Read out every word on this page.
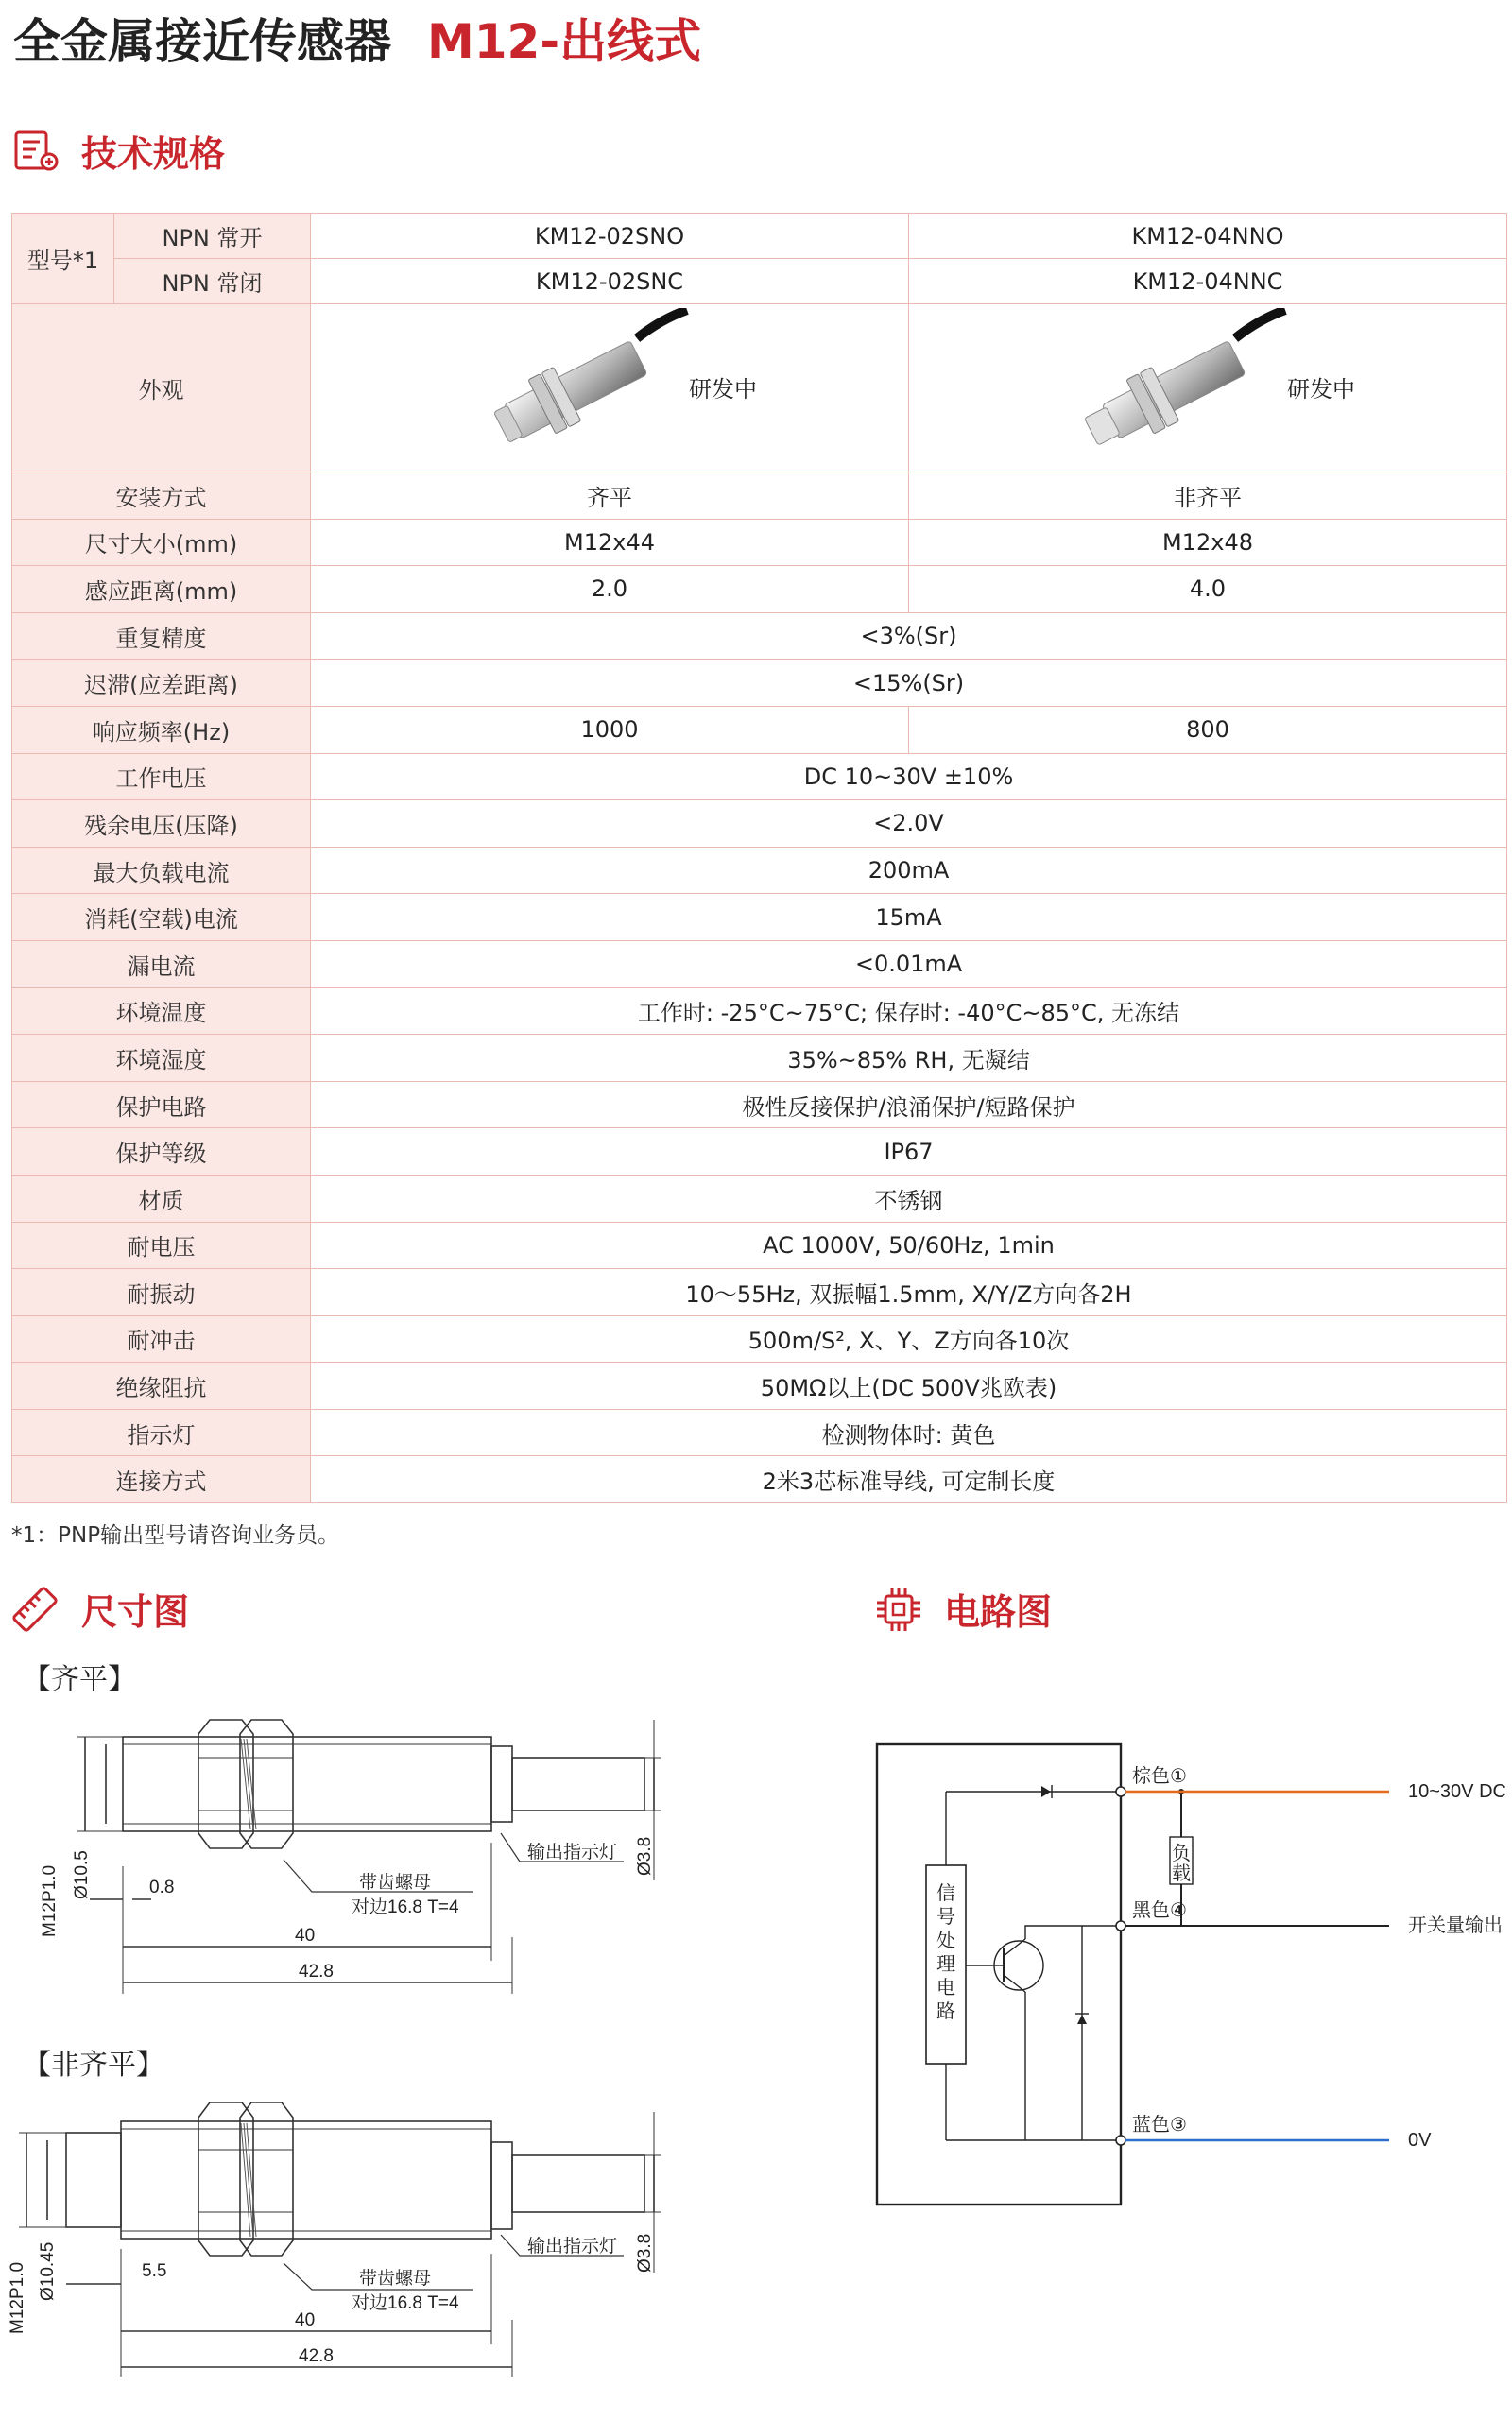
全金属接近传感器 M12-出线式
技术规格
型号*1	NPN 常开	KM12-02SNO	KM12-04NNO
	NPN 常闭	KM12-02SNC	KM12-04NNC
外观		研发中	研发中

安装方式		齐平	非齐平
尺寸大小(mm)		M12x44	M12x48
感应距离(mm)		2.0	4.0
重复精度		<3%(Sr)	
迟滞(应差距离)		<15%(Sr)	
响应频率(Hz)		1000	800
工作电压		DC 10~30V ±10%	
残余电压(压降)		<2.0V	
最大负载电流		200mA	
消耗(空载)电流		15mA	
漏电流		<0.01mA	
环境温度		工作时: -25°C~75°C; 保存时: -40°C~85°C, 无冻结	
环境湿度		35%~85% RH, 无凝结	
保护电路		极性反接保护/浪涌保护/短路保护	
保护等级		IP67	
材质		不锈钢	
耐电压		AC 1000V, 50/60Hz, 1min	
耐振动		10～55Hz, 双振幅1.5mm, X/Y/Z方向各2H	
耐冲击		500m/S², X、Y、Z方向各10次	
绝缘阻抗		50MΩ以上(DC 500V兆欧表)	
指示灯		检测物体时: 黄色	
连接方式		2米3芯标准导线, 可定制长度	
*1：PNP输出型号请咨询业务员。
尺寸图	电路图
【齐平】
M12P1.0 Ø10.5	0.8
40
42.8
带齿螺母
对边16.8 T=4
输出指示灯 Ø3.8
【非齐平】
M12P1.0 Ø10.45	5.5
40
42.8
带齿螺母
对边16.8 T=4
输出指示灯 Ø3.8
棕色①
黑色④
蓝色③
10~30V DC
开关量输出
0V
负
载
信
号
处
理
电
路
